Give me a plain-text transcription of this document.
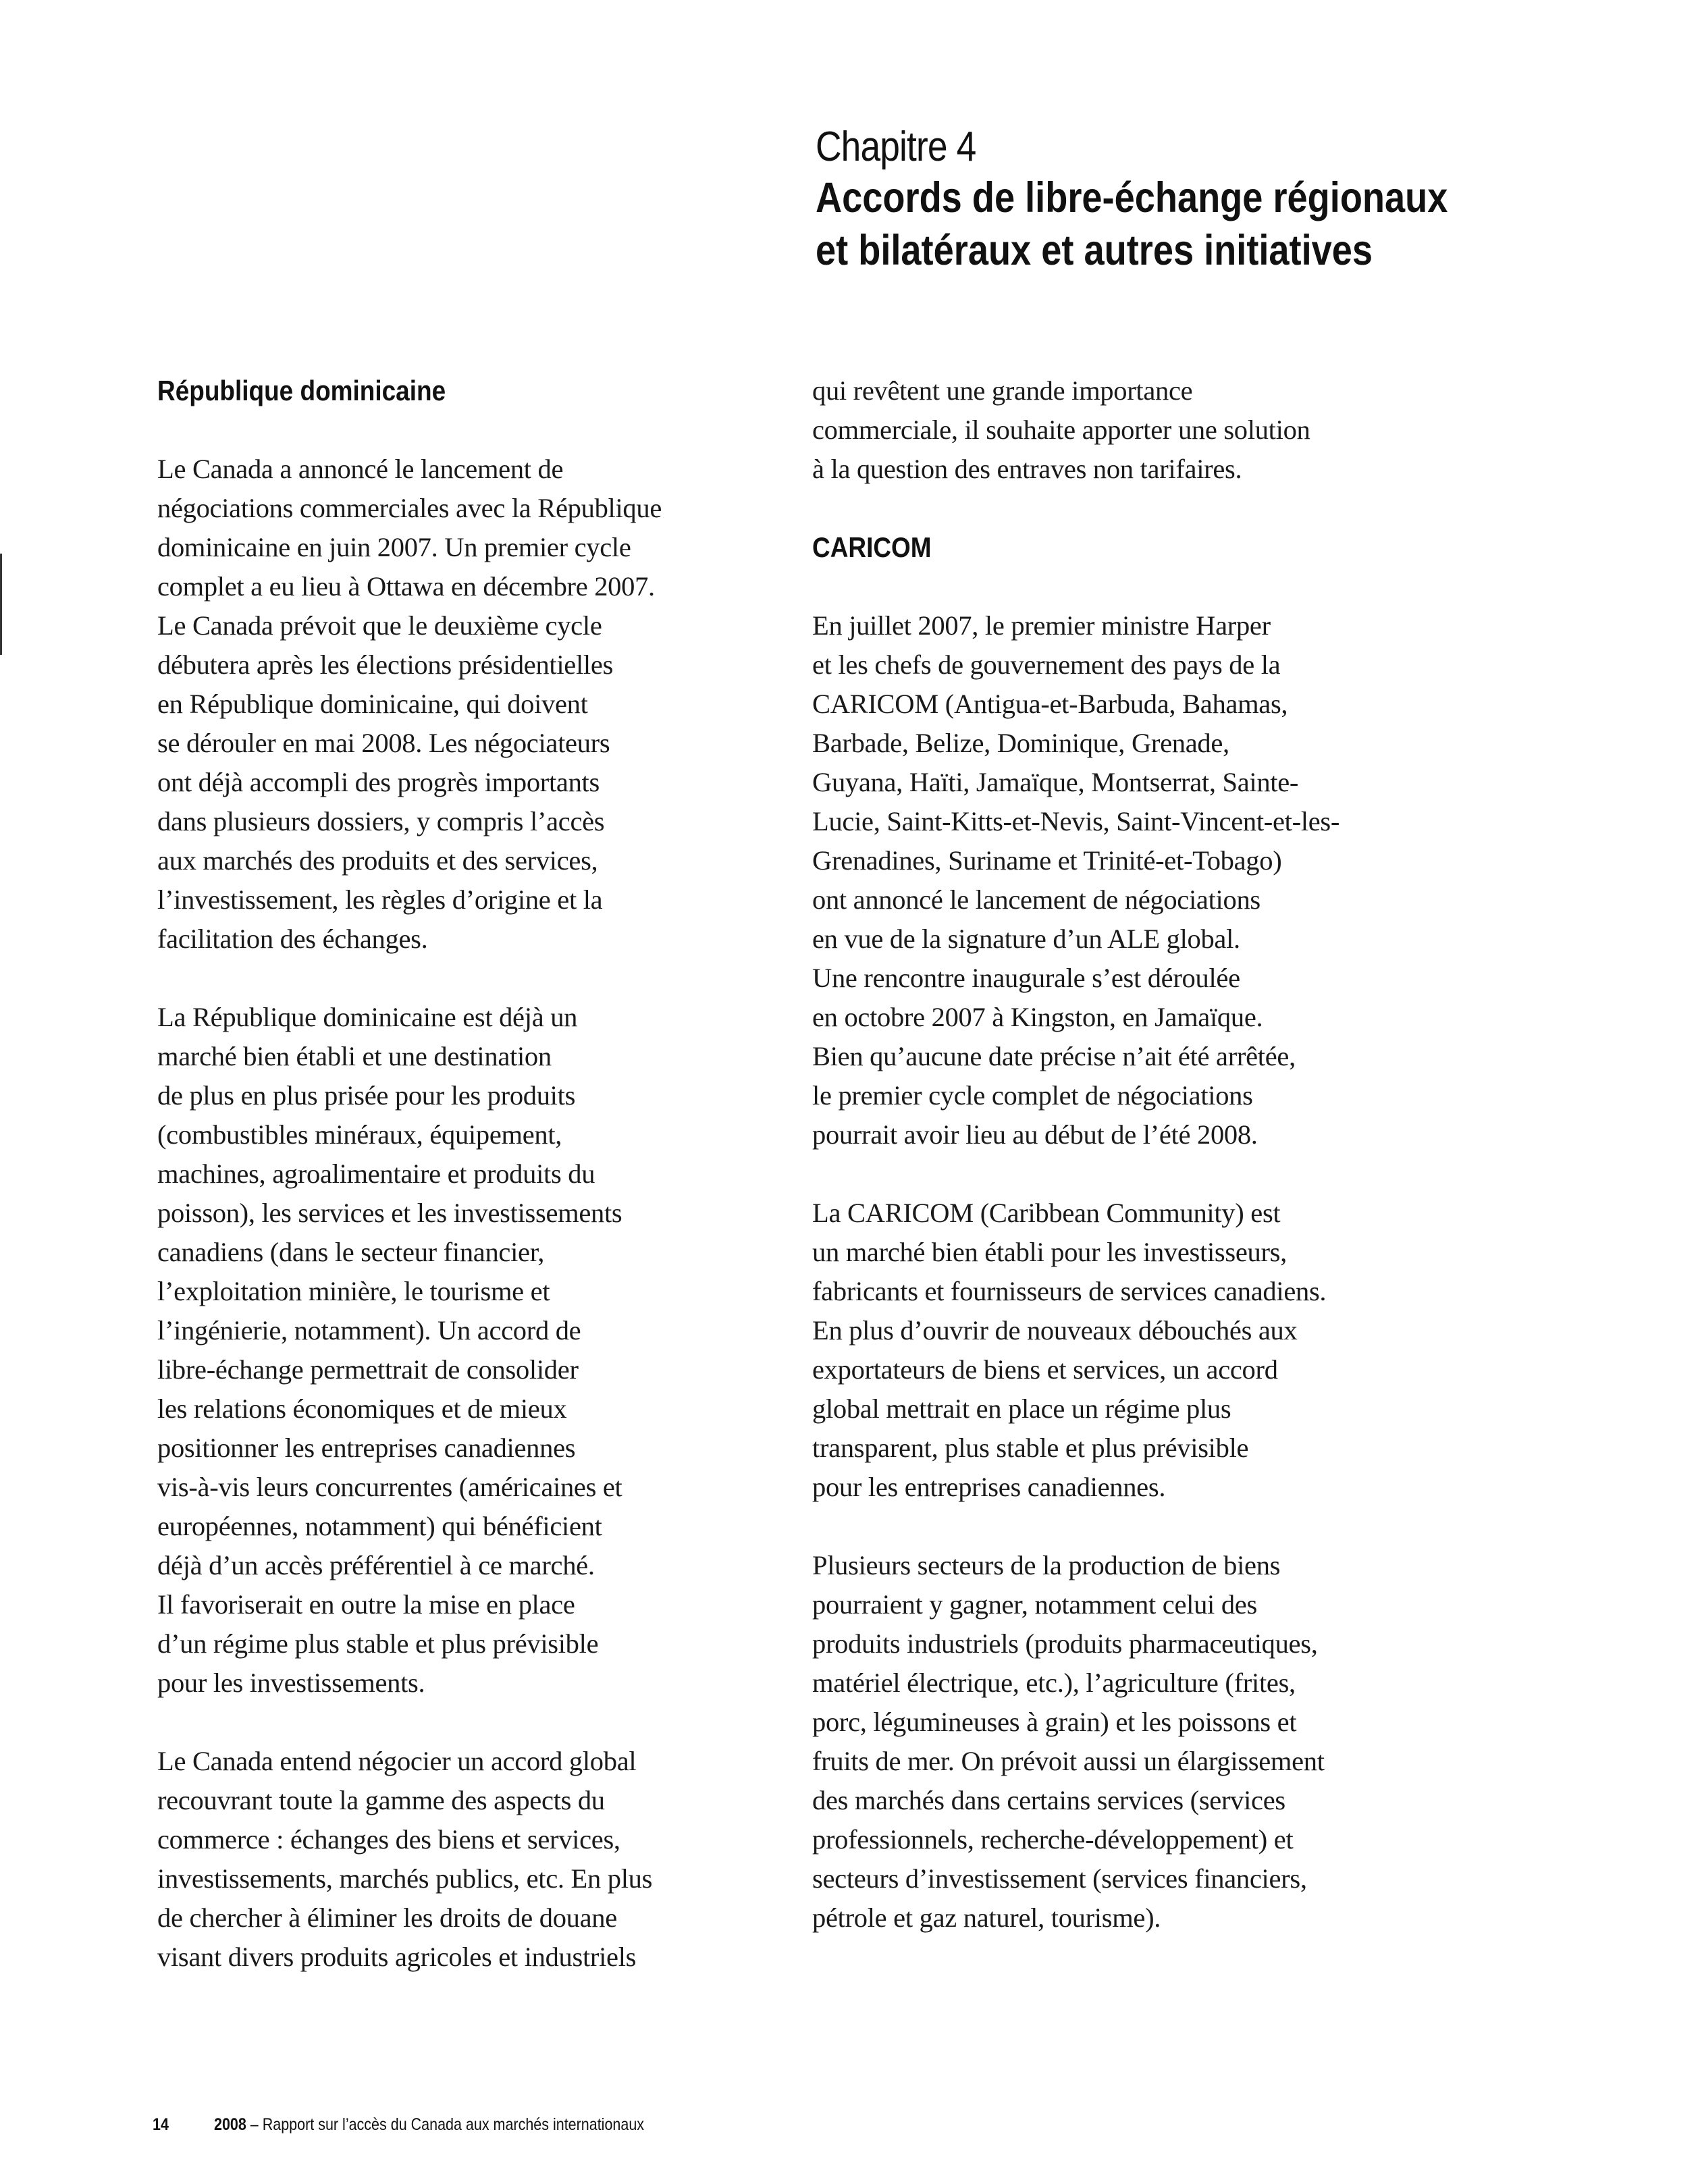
Chapitre 4
Accords de libre-échange régionaux
et bilatéraux et autres initiatives
République dominicaine

Le Canada a annoncé le lancement de
négociations commerciales avec la République
dominicaine en juin 2007. Un premier cycle
complet a eu lieu à Ottawa en décembre 2007.
Le Canada prévoit que le deuxième cycle
débutera après les élections présidentielles
en République dominicaine, qui doivent
se dérouler en mai 2008. Les négociateurs
ont déjà accompli des progrès importants
dans plusieurs dossiers, y compris l’accès
aux marchés des produits et des services,
l’investissement, les règles d’origine et la
facilitation des échanges.

La République dominicaine est déjà un
marché bien établi et une destination
de plus en plus prisée pour les produits
(combustibles minéraux, équipement,
machines, agroalimentaire et produits du
poisson), les services et les investissements
canadiens (dans le secteur financier,
l’exploitation minière, le tourisme et
l’ingénierie, notamment). Un accord de
libre-échange permettrait de consolider
les relations économiques et de mieux
positionner les entreprises canadiennes
vis-à-vis leurs concurrentes (américaines et
européennes, notamment) qui bénéficient
déjà d’un accès préférentiel à ce marché.
Il favoriserait en outre la mise en place
d’un régime plus stable et plus prévisible
pour les investissements.

Le Canada entend négocier un accord global
recouvrant toute la gamme des aspects du
commerce : échanges des biens et services,
investissements, marchés publics, etc. En plus
de chercher à éliminer les droits de douane
visant divers produits agricoles et industriels

qui revêtent une grande importance
commerciale, il souhaite apporter une solution
à la question des entraves non tarifaires.

CARICOM

En juillet 2007, le premier ministre Harper
et les chefs de gouvernement des pays de la
CARICOM (Antigua-et-Barbuda, Bahamas,
Barbade, Belize, Dominique, Grenade,
Guyana, Haïti, Jamaïque, Montserrat, Sainte-
Lucie, Saint-Kitts-et-Nevis, Saint-Vincent-et-les-
Grenadines, Suriname et Trinité-et-Tobago)
ont annoncé le lancement de négociations
en vue de la signature d’un ALE global.
Une rencontre inaugurale s’est déroulée
en octobre 2007 à Kingston, en Jamaïque.
Bien qu’aucune date précise n’ait été arrêtée,
le premier cycle complet de négociations
pourrait avoir lieu au début de l’été 2008.

La CARICOM (Caribbean Community) est
un marché bien établi pour les investisseurs,
fabricants et fournisseurs de services canadiens.
En plus d’ouvrir de nouveaux débouchés aux
exportateurs de biens et services, un accord
global mettrait en place un régime plus
transparent, plus stable et plus prévisible
pour les entreprises canadiennes.

Plusieurs secteurs de la production de biens
pourraient y gagner, notamment celui des
produits industriels (produits pharmaceutiques,
matériel électrique, etc.), l’agriculture (frites,
porc, légumineuses à grain) et les poissons et
fruits de mer. On prévoit aussi un élargissement
des marchés dans certains services (services
professionnels, recherche-développement) et
secteurs d’investissement (services financiers,
pétrole et gaz naturel, tourisme).

14	2008 – Rapport sur l’accès du Canada aux marchés internationaux
